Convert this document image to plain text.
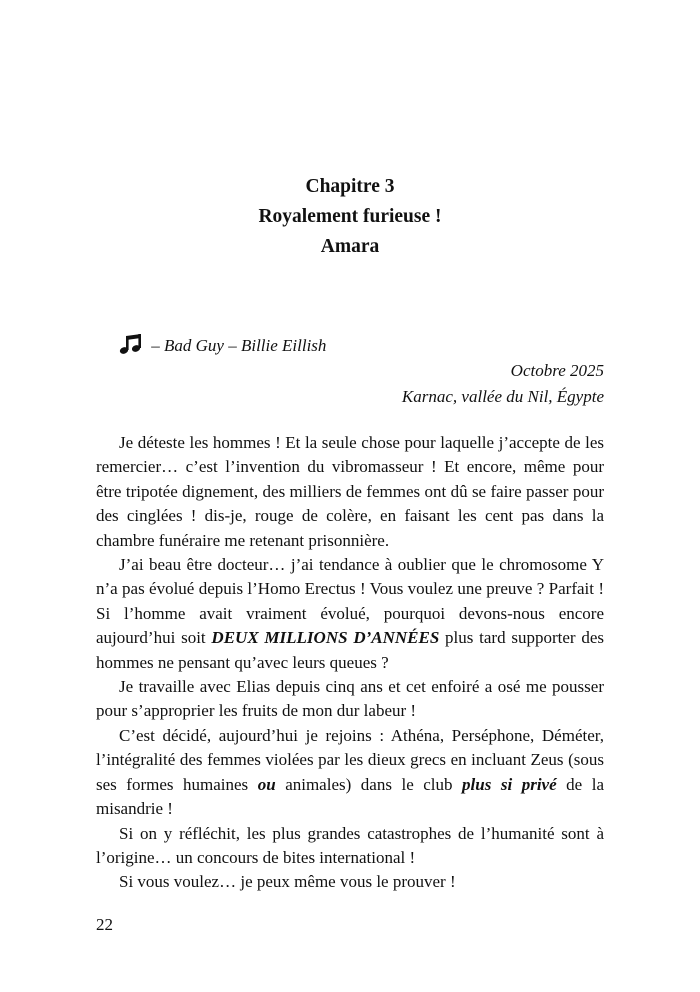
Chapitre 3
Royalement furieuse !
Amara
– Bad Guy – Billie Eillish
Octobre 2025
Karnac, vallée du Nil, Égypte

Je déteste les hommes ! Et la seule chose pour laquelle j’accepte de les remercier… c’est l’invention du vibromasseur ! Et encore, même pour être tripotée dignement, des milliers de femmes ont dû se faire passer pour des cinglées ! dis-je, rouge de colère, en faisant les cent pas dans la chambre funéraire me retenant prisonnière.

J’ai beau être docteur… j’ai tendance à oublier que le chromosome Y n’a pas évolué depuis l’Homo Erectus ! Vous voulez une preuve ? Parfait ! Si l’homme avait vraiment évolué, pourquoi devons-nous encore aujourd’hui soit DEUX MILLIONS D’ANNÉES plus tard supporter des hommes ne pensant qu’avec leurs queues ?

Je travaille avec Elias depuis cinq ans et cet enfoiré a osé me pousser pour s’approprier les fruits de mon dur labeur !

C’est décidé, aujourd’hui je rejoins : Athéna, Perséphone, Déméter, l’intégralité des femmes violées par les dieux grecs en incluant Zeus (sous ses formes humaines ou animales) dans le club plus si privé de la misandrie !

Si on y réfléchit, les plus grandes catastrophes de l’humanité sont à l’origine… un concours de bites international !

Si vous voulez… je peux même vous le prouver !

22
